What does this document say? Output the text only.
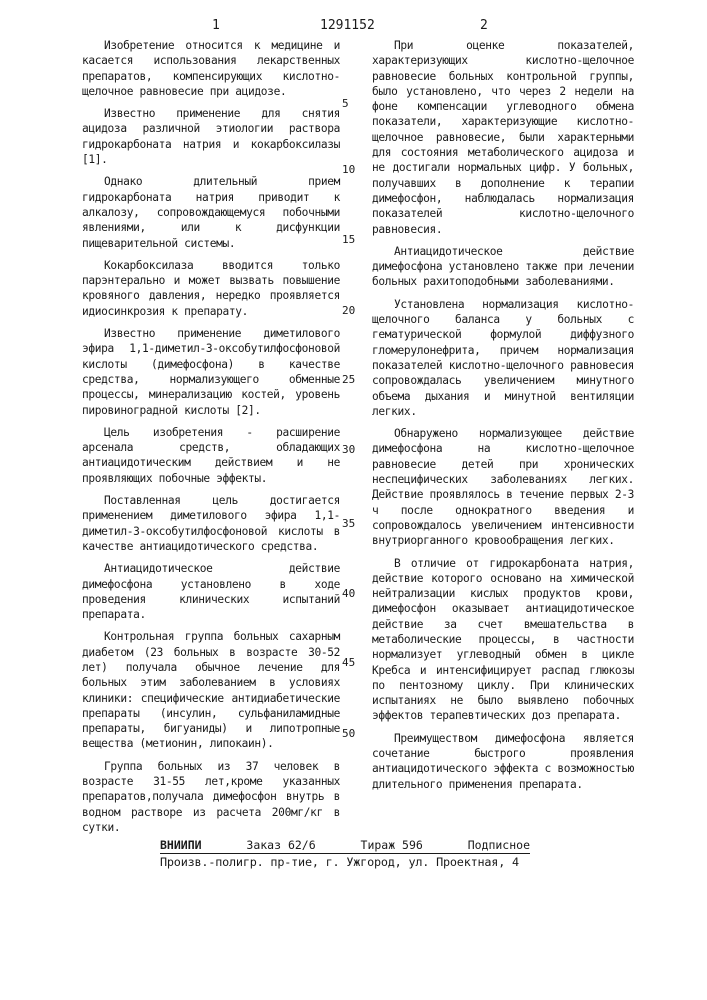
1	1291152	2

Изобретение относится к медицине и касается использования лекарственных препаратов, компенсирующих кислотно-щелочное равновесие при ацидозе.

Известно применение для снятия ацидоза различной этиологии раствора гидрокарбоната натрия и кокарбоксилазы [1].

Однако длительный прием гидрокарбоната натрия приводит к алкалозу, сопровождающемуся побочными явлениями, или к дисфункции пищеварительной системы.

Кокарбоксилаза вводится только парэнтерально и может вызвать повышение кровяного давления, нередко проявляется идиосинкрозия к препарату.

Известно применение диметилового эфира 1,1-диметил-3-оксобутилфосфоновой кислоты (димефосфона) в качестве средства, нормализующего обменные процессы, минерализацию костей, уровень пировиноградной кислоты [2].

Цель изобретения - расширение арсенала средств, обладающих антиацидотическим действием и не проявляющих побочные эффекты.

Поставленная цель достигается применением диметилового эфира 1,1-диметил-3-оксобутилфосфоновой кислоты в качестве антиацидотического средства.

Антиацидотическое действие димефосфона установлено в ходе проведения клинических испытаний препарата.

Контрольная группа больных сахарным диабетом (23 больных в возрасте 30-52 лет) получала обычное лечение для больных этим заболеванием в условиях клиники: специфические антидиабетические препараты (инсулин, сульфаниламидные препараты, бигуаниды) и липотропные вещества (метионин, липокаин).

Группа больных из 37 человек в возрасте 31-55 лет,кроме указанных препаратов,получала димефосфон внутрь в водном растворе из расчета 200мг/кг в сутки.

При оценке показателей, характеризующих кислотно-щелочное равновесие больных контрольной группы, было установлено, что через 2 недели на фоне компенсации углеводного обмена показатели, характеризующие кислотно-щелочное равновесие, были характерными для состояния метаболического ацидоза и не достигали нормальных цифр. У больных, получавших в дополнение к терапии димефосфон, наблюдалась нормализация показателей кислотно-щелочного равновесия.

Антиацидотическое действие димефосфона установлено также при лечении больных рахитоподобными заболеваниями.

Установлена нормализация кислотно-щелочного баланса у больных с гематурической формулой диффузного гломерулонефрита, причем нормализация показателей кислотно-щелочного равновесия сопровождалась увеличением минутного объема дыхания и минутной вентиляции легких.

Обнаружено нормализующее действие димефосфона на кислотно-щелочное равновесие детей при хронических неспецифических заболеваниях легких. Действие проявлялось в течение первых 2-3 ч после однократного введения и сопровождалось увеличением интенсивности внутриорганного кровообращения легких.

В отличие от гидрокарбоната натрия, действие которого основано на химической нейтрализации кислых продуктов крови, димефосфон оказывает антиацидотическое действие за счет вмешательства в метаболические процессы, в частности нормализует углеводный обмен в цикле Кребса и интенсифицирует распад глюкозы по пентозному циклу. При клинических испытаниях не было выявлено побочных эффектов терапевтических доз препарата.

Преимуществом димефосфона является сочетание быстрого проявления антиацидотического эффекта с возможностью длительного применения препарата.

5
10
15
20
25
30
35
40
45
50
ВНИИПИ	Заказ 62/6	Тираж 596	Подписное
Произв.-полигр. пр-тие, г. Ужгород, ул. Проектная, 4
